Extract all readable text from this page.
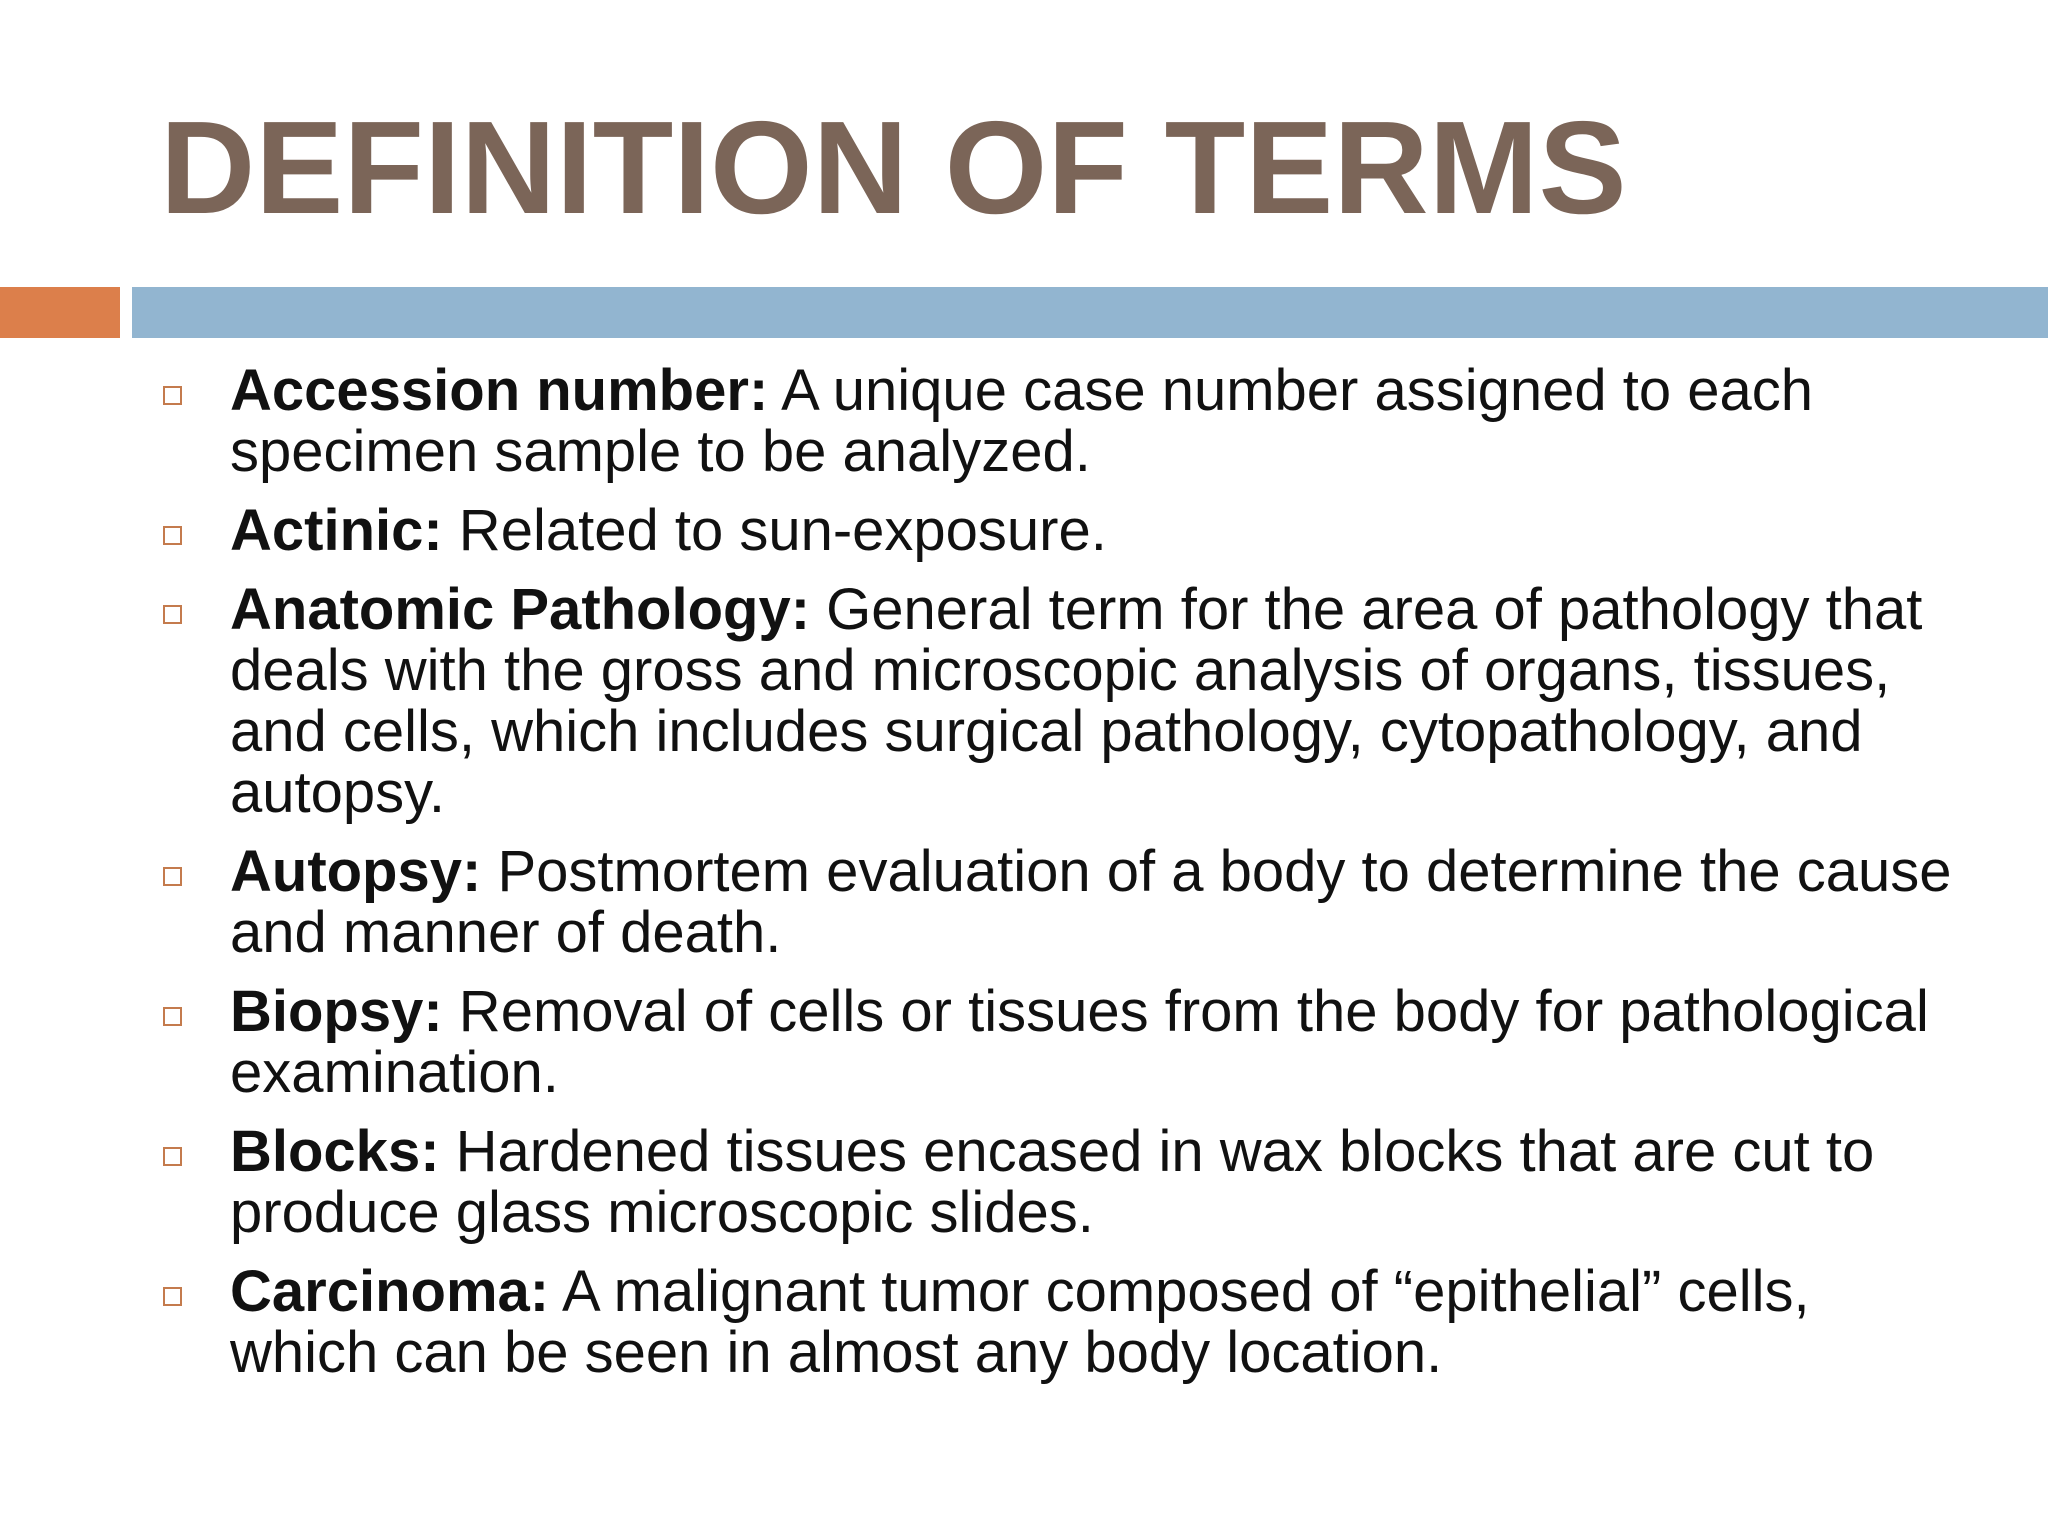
DEFINITION OF TERMS
Accession number: A unique case number assigned to each specimen sample to be analyzed.
Actinic: Related to sun-exposure.
Anatomic Pathology: General term for the area of pathology that deals with the gross and microscopic analysis of organs, tissues, and cells, which includes surgical pathology, cytopathology, and autopsy.
Autopsy: Postmortem evaluation of a body to determine the cause and manner of death.
Biopsy: Removal of cells or tissues from the body for pathological examination.
Blocks: Hardened tissues encased in wax blocks that are cut to produce glass microscopic slides.
Carcinoma: A malignant tumor composed of “epithelial” cells, which can be seen in almost any body location.
